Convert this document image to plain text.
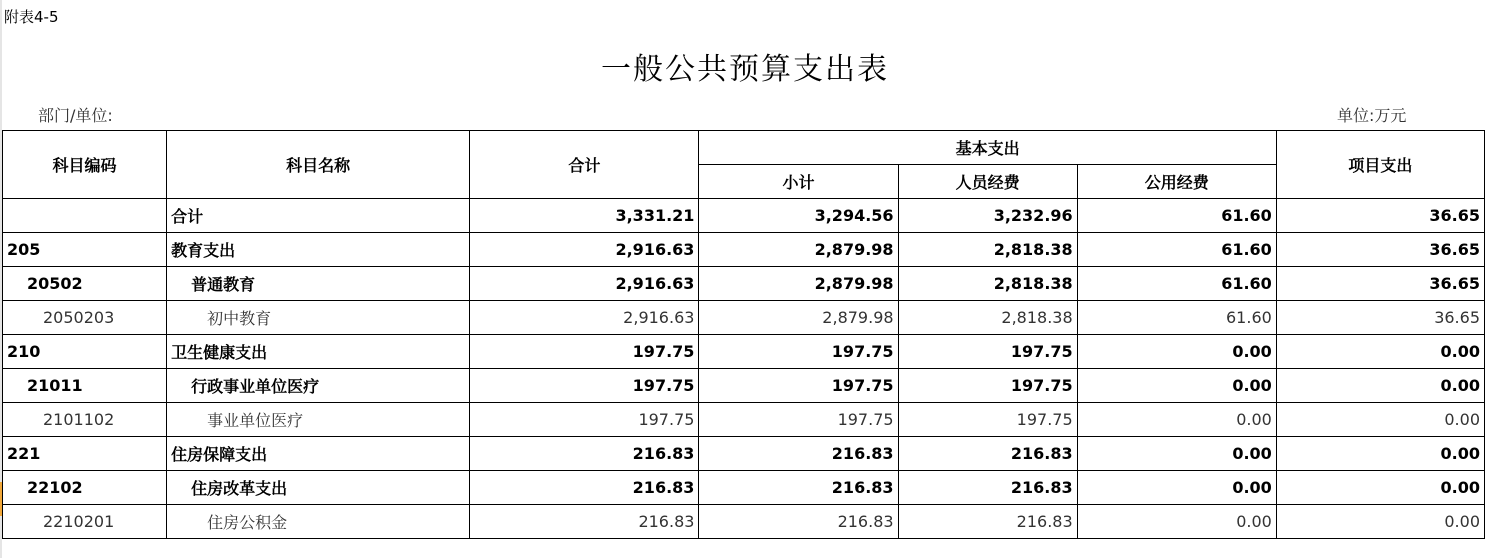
附表4-5
一般公共预算支出表
部门/单位:	单位:万元
科目编码	科目名称	合计	基本支出			项目支出
			小计	人员经费	公用经费	
	合计	3,331.21	3,294.56	3,232.96	61.60	36.65
205	教育支出	2,916.63	2,879.98	2,818.38	61.60	36.65
20502	普通教育	2,916.63	2,879.98	2,818.38	61.60	36.65
2050203	初中教育	2,916.63	2,879.98	2,818.38	61.60	36.65
210	卫生健康支出	197.75	197.75	197.75	0.00	0.00
21011	行政事业单位医疗	197.75	197.75	197.75	0.00	0.00
2101102	事业单位医疗	197.75	197.75	197.75	0.00	0.00
221	住房保障支出	216.83	216.83	216.83	0.00	0.00
22102	住房改革支出	216.83	216.83	216.83	0.00	0.00
2210201	住房公积金	216.83	216.83	216.83	0.00	0.00
